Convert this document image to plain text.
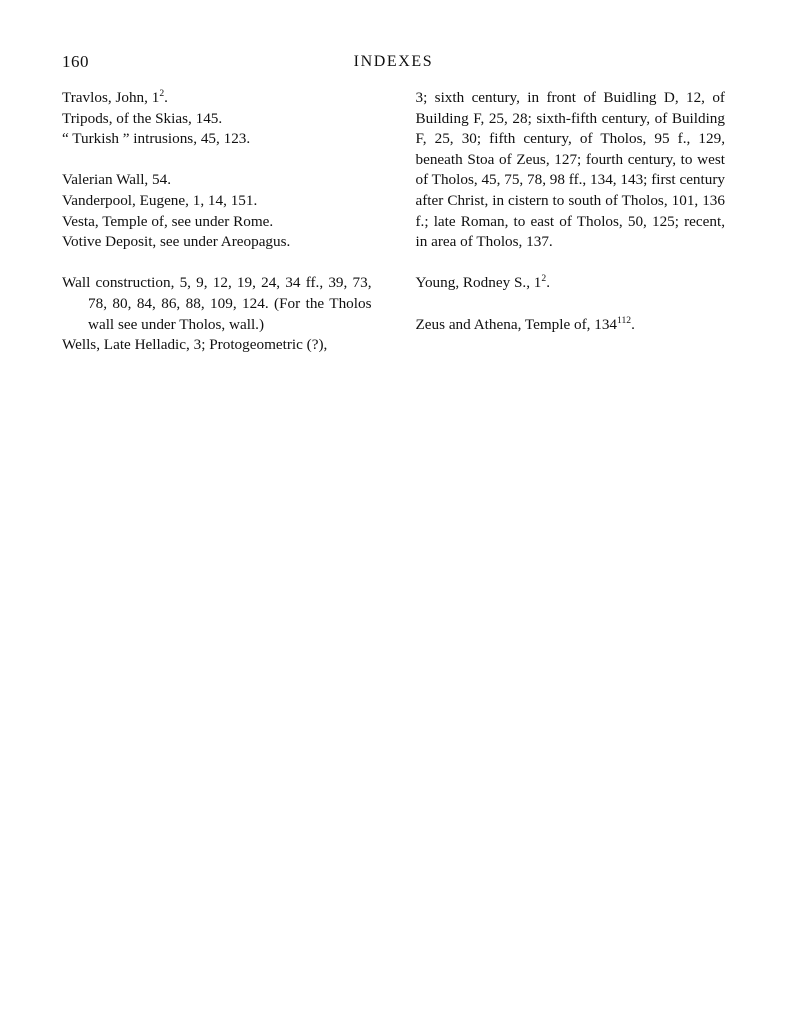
160	INDEXES

Travlos, John, $1^2$.

Tripods, of the Skias, 145.

“ Turkish ” intrusions, 45, 123.

Valerian Wall, 54.

Vanderpool, Eugene, 1, 14, 151.

Vesta, Temple of, see under Rome.

Votive Deposit, see under Areopagus.

Wall construction, 5, 9, 12, 19, 24, 34 ff., 39, 73, 78, 80, 84, 86, 88, 109, 124. (For the Tholos wall see under Tholos, wall.)

Wells, Late Helladic, 3; Protogeometric (?),

3; sixth century, in front of Buidling D, 12, of Building F, 25, 28; sixth-fifth century, of Building F, 25, 30; fifth century, of Tholos, 95 f., 129, beneath Stoa of Zeus, 127; fourth century, to west of Tholos, 45, 75, 78, 98 ff., 134, 143; first century after Christ, in cistern to south of Tholos, 101, 136 f.; late Roman, to east of Tholos, 50, 125; recent, in area of Tholos, 137.

Young, Rodney S., $1^2$.

Zeus and Athena, Temple of, $134^{112}$.
